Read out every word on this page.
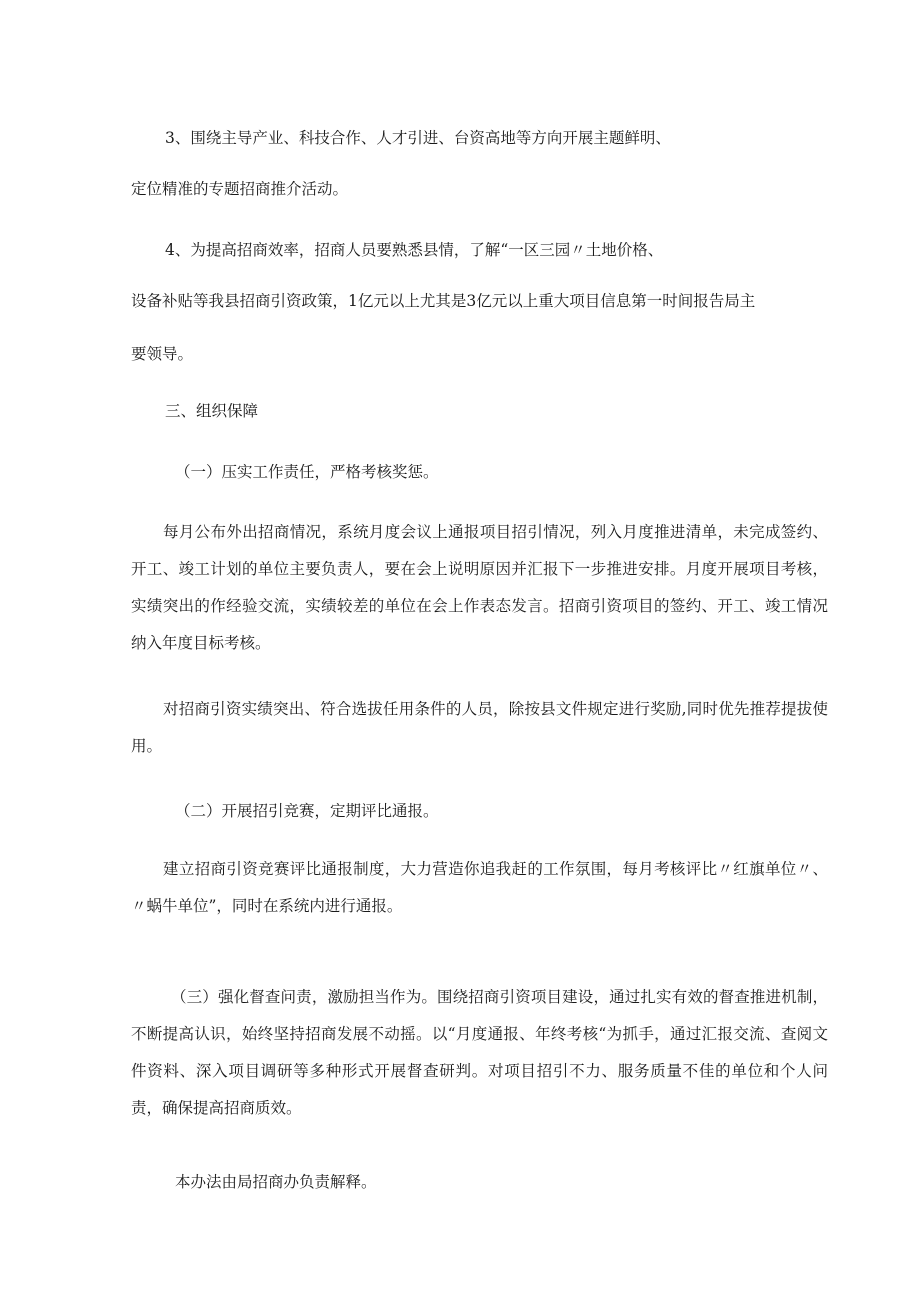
3、围绕主导产业、科技合作、人才引进、台资高地等方向开展主题鲜明、

定位精准的专题招商推介活动。

4、为提高招商效率，招商人员要熟悉县情，了解“一区三园〃土地价格、

设备补贴等我县招商引资政策，1亿元以上尤其是3亿元以上重大项目信息第一时间报告局主

要领导。

三、组织保障

（一）压实工作责任，严格考核奖惩。

每月公布外出招商情况，系统月度会议上通报项目招引情况，列入月度推进清单，未完成签约、开工、竣工计划的单位主要负责人，要在会上说明原因并汇报下一步推进安排。月度开展项目考核，实绩突出的作经验交流，实绩较差的单位在会上作表态发言。招商引资项目的签约、开工、竣工情况纳入年度目标考核。

对招商引资实绩突出、符合选拔任用条件的人员，除按县文件规定进行奖励,同时优先推荐提拔使用。

（二）开展招引竞赛，定期评比通报。

建立招商引资竞赛评比通报制度，大力营造你追我赶的工作氛围，每月考核评比〃红旗单位〃、〃蜗牛单位”，同时在系统内进行通报。

（三）强化督查问责，激励担当作为。围绕招商引资项目建设，通过扎实有效的督查推进机制，不断提高认识，始终坚持招商发展不动摇。以“月度通报、年终考核“为抓手，通过汇报交流、查阅文件资料、深入项目调研等多种形式开展督查研判。对项目招引不力、服务质量不佳的单位和个人问责，确保提高招商质效。

本办法由局招商办负责解释。
